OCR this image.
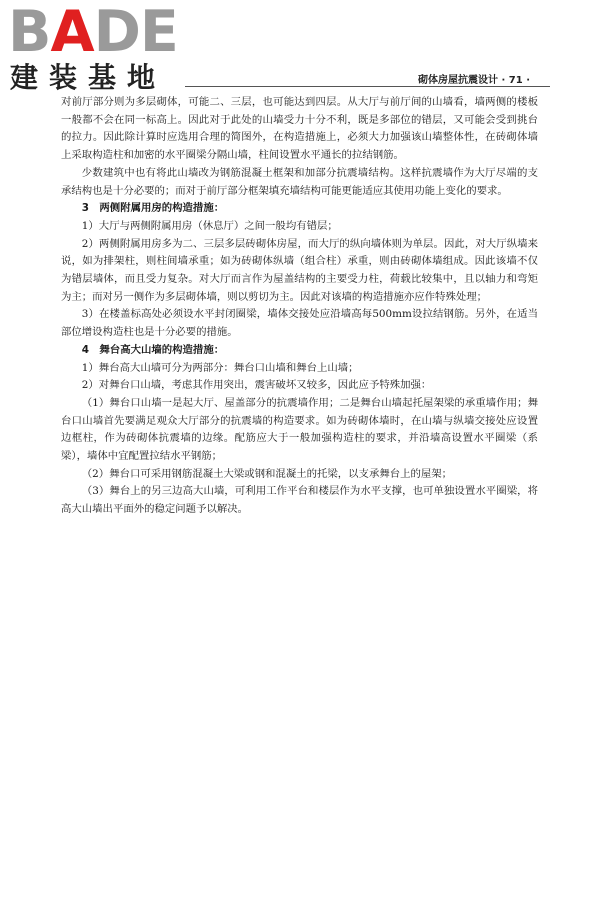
BADE
建装基地	砌体房屋抗震设计 · 71 ·

对前厅部分则为多层砌体，可能二、三层，也可能达到四层。从大厅与前厅间的山墙看，墙两侧的楼板一般都不会在同一标高上。因此对于此处的山墙受力十分不利，既是多部位的错层，又可能会受到挑台的拉力。因此除计算时应选用合理的简图外，在构造措施上，必须大力加强该山墙整体性，在砖砌体墙上采取构造柱和加密的水平圈梁分隔山墙，柱间设置水平通长的拉结钢筋。

少数建筑中也有将此山墙改为钢筋混凝土框架和加部分抗震墙结构。这样抗震墙作为大厅尽端的支承结构也是十分必要的；而对于前厅部分框架填充墙结构可能更能适应其使用功能上变化的要求。

3　两侧附属用房的构造措施：

1）大厅与两侧附属用房（休息厅）之间一般均有错层；

2）两侧附属用房多为二、三层多层砖砌体房屋，而大厅的纵向墙体则为单层。因此，对大厅纵墙来说，如为排架柱，则柱间墙承重；如为砖砌体纵墙（组合柱）承重，则由砖砌体墙组成。因此该墙不仅为错层墙体，而且受力复杂。对大厅而言作为屋盖结构的主要受力柱，荷载比较集中，且以轴力和弯矩为主；而对另一侧作为多层砌体墙，则以剪切为主。因此对该墙的构造措施亦应作特殊处理；

3）在楼盖标高处必须设水平封闭圈梁，墙体交接处应沿墙高每500mm设拉结钢筋。另外，在适当部位增设构造柱也是十分必要的措施。

4　舞台高大山墙的构造措施：

1）舞台高大山墙可分为两部分：舞台口山墙和舞台上山墙；

2）对舞台口山墙，考虑其作用突出，震害破坏又较多，因此应予特殊加强：

（1）舞台口山墙一是起大厅、屋盖部分的抗震墙作用；二是舞台山墙起托屋架梁的承重墙作用；舞台口山墙首先要满足观众大厅部分的抗震墙的构造要求。如为砖砌体墙时，在山墙与纵墙交接处应设置边框柱，作为砖砌体抗震墙的边缘。配筋应大于一般加强构造柱的要求，并沿墙高设置水平圈梁（系梁），墙体中宜配置拉结水平钢筋；

（2）舞台口可采用钢筋混凝土大梁或钢和混凝土的托梁，以支承舞台上的屋架；

（3）舞台上的另三边高大山墙，可利用工作平台和楼层作为水平支撑，也可单独设置水平圈梁，将高大山墙出平面外的稳定问题予以解决。
